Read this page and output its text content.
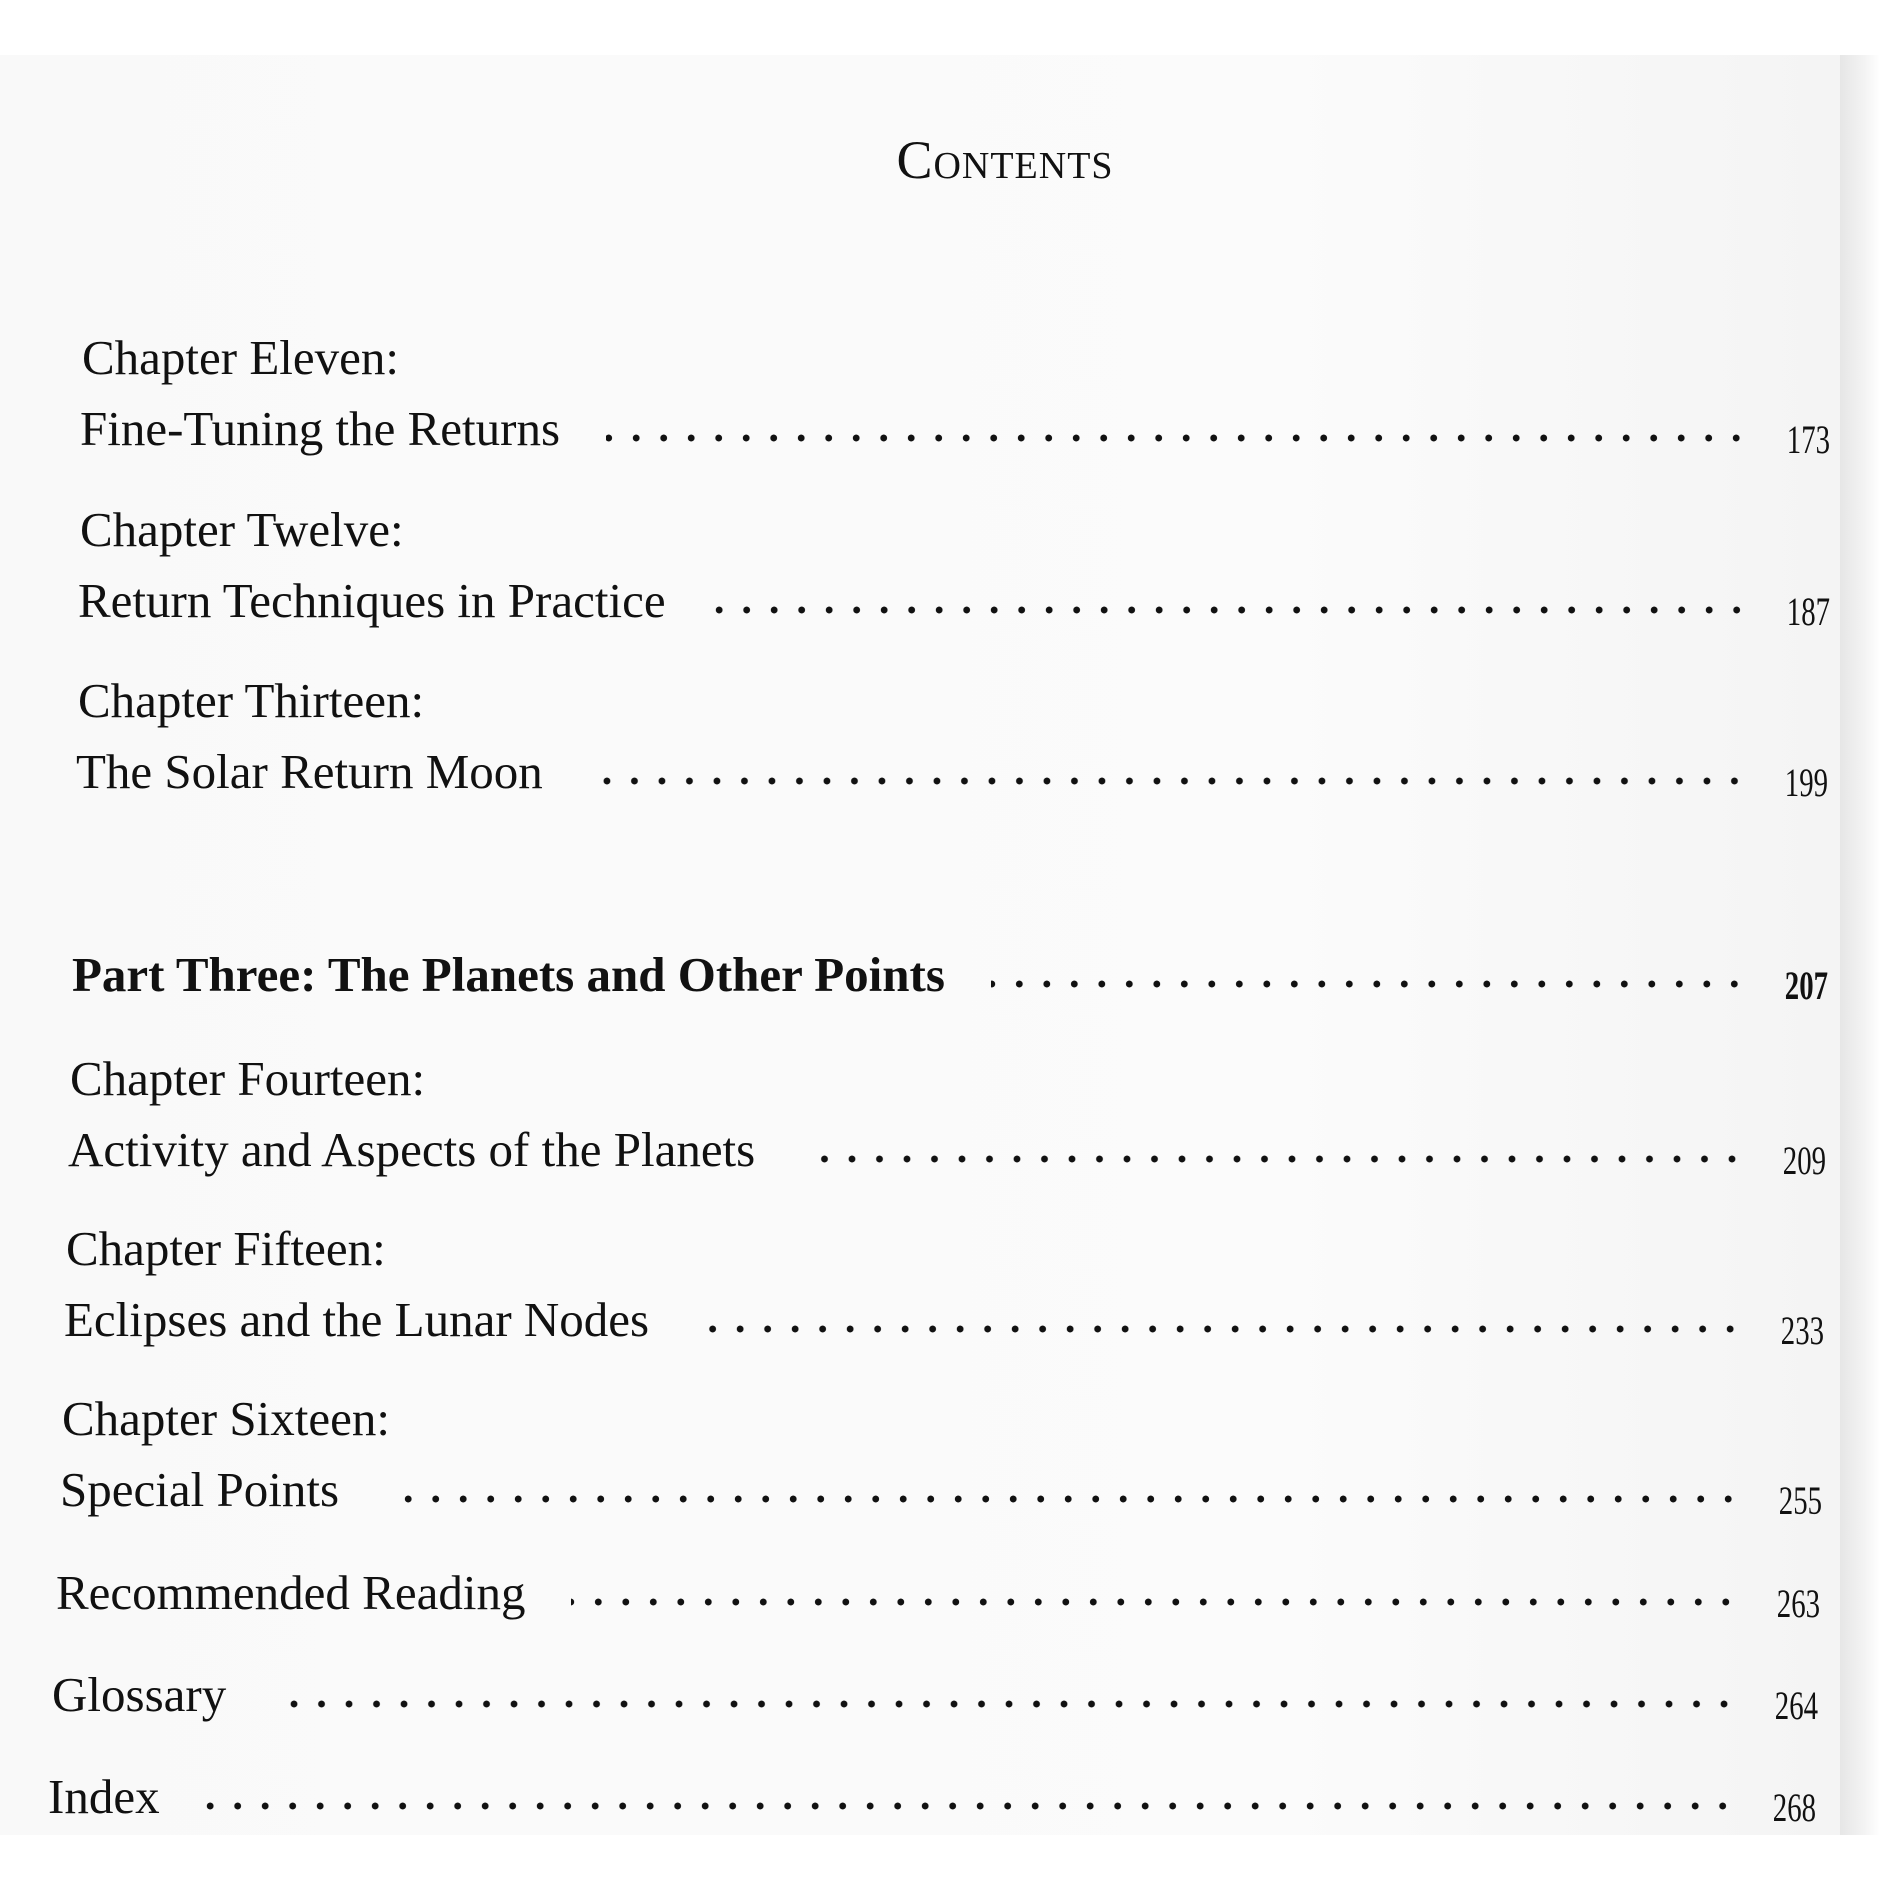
Contents
Chapter Eleven:
Fine-Tuning the Returns	173
Chapter Twelve:
Return Techniques in Practice	187
Chapter Thirteen:
The Solar Return Moon	199
Part Three: The Planets and Other Points	207
Chapter Fourteen:
Activity and Aspects of the Planets	209
Chapter Fifteen:
Eclipses and the Lunar Nodes	233
Chapter Sixteen:
Special Points	255
Recommended Reading	263
Glossary	264
Index	268
